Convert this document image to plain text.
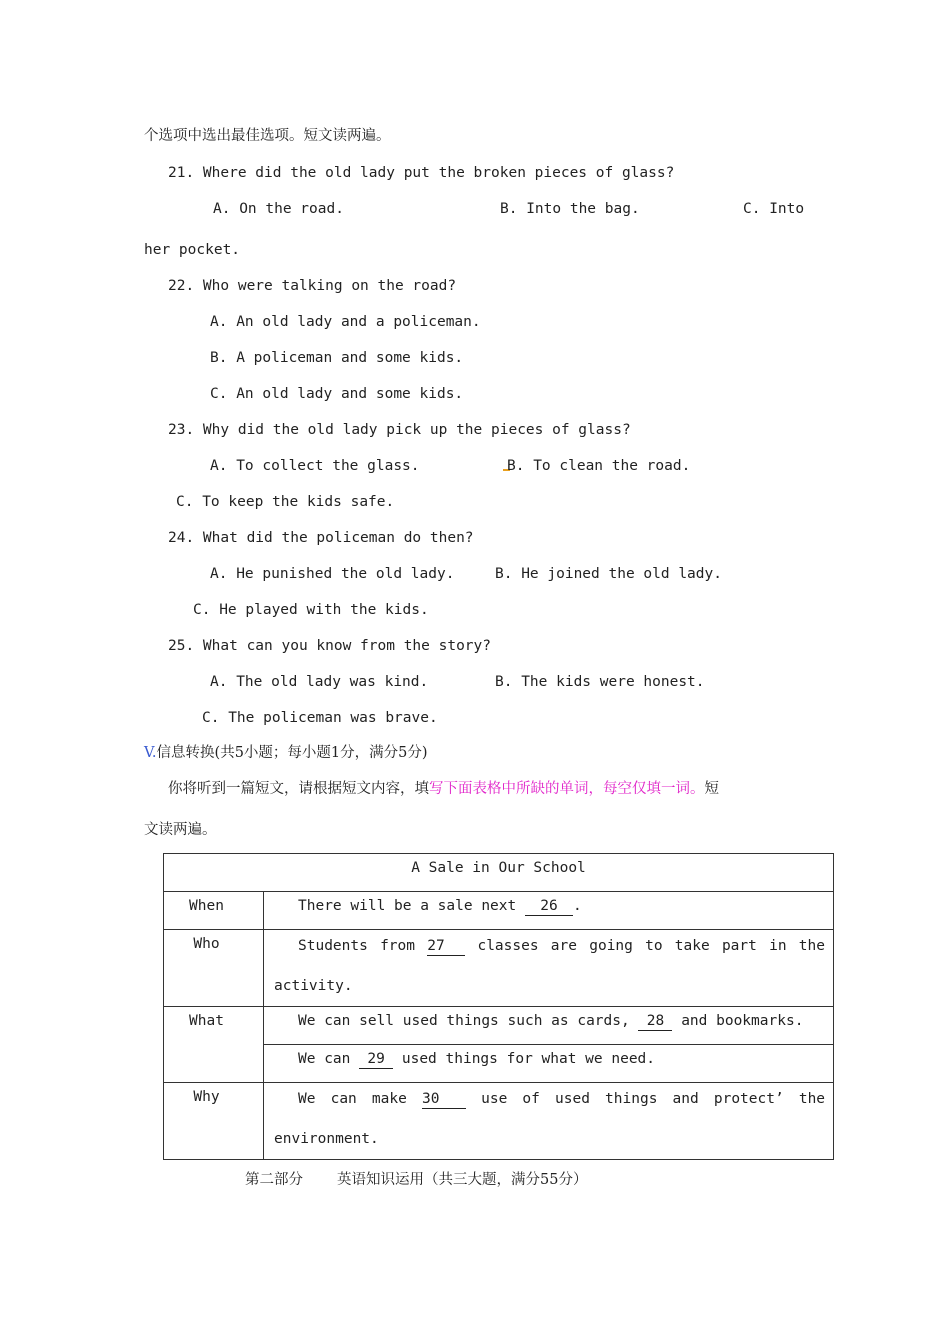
个选项中选出最佳选项。短文读两遍。
21. Where did the old lady put the broken pieces of glass?
A. On the road.	B. Into the bag.	C. Into
her pocket.
22. Who were talking on the road?
A. An old lady and a policeman.
B. A policeman and some kids.
C. An old lady and some kids.
23. Why did the old lady pick up the pieces of glass?
A. To collect the glass.	B. To clean the road.
C. To keep the kids safe.
24. What did the policeman do then?
A. He punished the old lady.	B. He joined the old lady.
C. He played with the kids.
25. What can you know from the story?
A. The old lady was kind.	B. The kids were honest.
C. The policeman was brave.
V.信息转换(共5小题；每小题1分，满分5分)
你将听到一篇短文，请根据短文内容，填写下面表格中所缺的单词，每空仅填一词。短
文读两遍。
A Sale in Our School	
When	There will be a sale next 26 .
Who	Students from 27 classes are going to take part in the
activity.

What	We can sell used things such as cards, 28 and bookmarks.
	We can 29 used things for what we need.
Why	We can make 30 use of used things and protect’ the
environment.
第二部分 英语知识运用（共三大题，满分55分）
